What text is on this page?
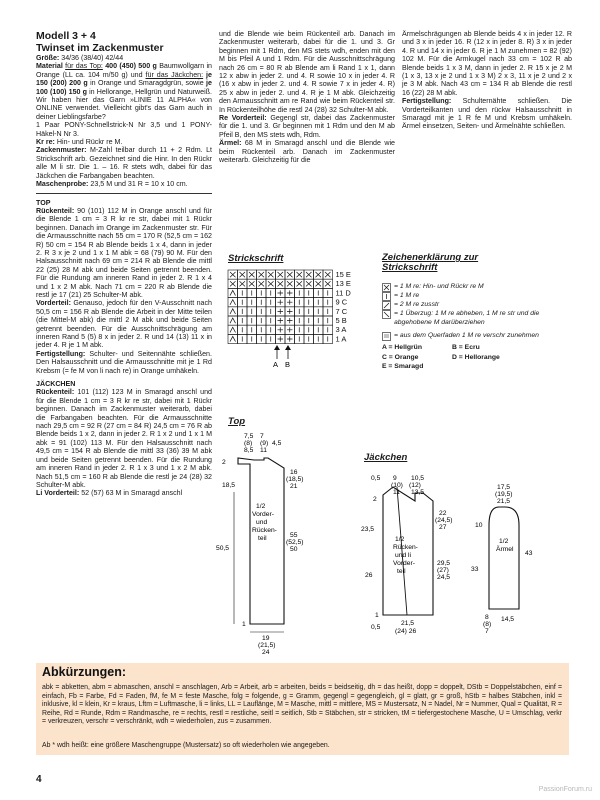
Modell 3 + 4

Twinset im Zackenmuster

Größe: 34/36 (38/40) 42/44

Material für das Top: 400 (450) 500 g Baumwollgarn in Orange (LL ca. 104 m/50 g) und für das Jäckchen: je 150 (200) 200 g in Orange und Smaragdgrün, sowie je 100 (100) 150 g in Hellorange, Hellgrün und Naturweiß. Wir haben hier das Garn »LINIE 11 ALPHA« von ONLINE verwendet. Vielleicht gibt's das Garn auch in deiner Lieblingsfarbe?

1 Paar PONY-Schnellstrick-N Nr 3,5 und 1 PONY-Häkel-N Nr 3.

Kr re: Hin- und Rückr re M.

Zackenmuster: M-Zahl teilbar durch 11 + 2 Rdm. Lt Strickschrift arb. Gezeichnet sind die Hinr. In den Rückr alle M li str. Die 1. – 16. R stets wdh, dabei für das Jäckchen die Farbangaben beachten.

Maschenprobe: 23,5 M und 31 R = 10 x 10 cm.

TOP

Rückenteil: 90 (101) 112 M in Orange anschl und für die Blende 1 cm = 3 R kr re str, dabei mit 1 Rückr beginnen. Danach im Orange im Zackenmuster str. Für die Armausschnitte nach 55 cm = 170 R (52,5 cm = 162 R) 50 cm = 154 R ab Blende beids 1 x 4, dann in jeder 2. R 3 x je 2 und 1 x 1 M abk = 68 (79) 90 M. Für den Halsausschnitt nach 69 cm = 214 R ab Blende die mittl 22 (25) 28 M abk und beide Seiten getrennt beenden. Für die Rundung am inneren Rand in jeder 2. R 1 x 4 und 1 x 2 M abk. Nach 71 cm = 220 R ab Blende die restl je 17 (21) 25 Schulter-M abk.

Vorderteil: Genauso, jedoch für den V-Ausschnitt nach 50,5 cm = 156 R ab Blende die Arbeit in der Mitte teilen (die Mittel-M abk) die mittl 2 M abk und beide Seiten getrennt beenden. Für die Ausschnittschrägung am inneren Rand 5 (5) 8 x in jeder 2. R und 14 (13) 11 x in jeder 4. R je 1 M abk.

Fertigstellung: Schulter- und Seitennähte schließen. Den Halsausschnitt und die Armausschnitte mit je 1 Rd Krebsm (= fe M von li nach re) in Orange umhäkeln.

JÄCKCHEN

Rückenteil: 101 (112) 123 M in Smaragd anschl und für die Blende 1 cm = 3 R kr re str, dabei mit 1 Rückr beginnen. Danach im Zackenmuster weiterarb, dabei die Farbangaben beachten. Für die Armausschnitte nach 29,5 cm = 92 R (27 cm = 84 R) 24,5 cm = 76 R ab Blende beids 1 x 2, dann in jeder 2. R 1 x 2 und 1 x 1 M abk = 91 (102) 113 M. Für den Halsausschnitt nach 49,5 cm = 154 R ab Blende die mittl 33 (36) 39 M abk und beide Seiten getrennt beenden. Für die Rundung am inneren Rand in jeder 2. R 1 x 3 und 1 x 2 M abk. Nach 51,5 cm = 160 R ab Blende die restl je 24 (28) 32 Schulter-M abk.

Li Vorderteil: 52 (57) 63 M in Smaragd anschl

und die Blende wie beim Rückenteil arb. Danach im Zackenmuster weiterarb, dabei für die 1. und 3. Gr beginnen mit 1 Rdm, den MS stets wdh, enden mit den M bis Pfeil A und 1 Rdm. Für die Ausschnittschrägung nach 26 cm = 80 R ab Blende am li Rand 1 x 1, dann 12 x abw in jeder 2. und 4. R sowie 10 x in jeder 4. R (16 x abw in jeder 2. und 4. R sowie 7 x in jeder 4. R) 25 x abw in jeder 2. und 4. R je 1 M abk. Gleichzeitig den Armausschnitt am re Rand wie beim Rückenteil str. In Rückenteilhöhe die restl 24 (28) 32 Schulter-M abk.

Re Vorderteil: Gegengl str, dabei das Zackenmuster für die 1. und 3. Gr beginnen mit 1 Rdm und den M ab Pfeil B, den MS stets wdh, Rdm.

Ärmel: 68 M in Smaragd anschl und die Blende wie beim Rückenteil arb. Danach im Zackenmuster weiterarb. Gleichzeitig für die

Ärmelschrägungen ab Blende beids 4 x in jeder 12. R und 3 x in jeder 16. R (12 x in jeder 8. R) 3 x in jeder 4. R und 14 x in jeder 6. R je 1 M zunehmen = 82 (92) 102 M. Für die Armkugel nach 33 cm = 102 R ab Blende beids 1 x 3 M, dann in jeder 2. R 15 x je 2 M (1 x 3, 13 x je 2 und 1 x 3 M) 2 x 3, 11 x je 2 und 2 x je 3 M abk. Nach 43 cm = 134 R ab Blende die restl 16 (22) 28 M abk.

Fertigstellung: Schulternähte schließen. Die Vorderteilkanten und den rückw Halsausschnitt in Smaragd mit je 1 R fe M und Krebsm umhäkeln. Ärmel einsetzen, Seiten- und Ärmelnähte schließen.

Strickschrift
15 E
13 E
11 D
9 C
7 C
5 B
3 A
1 A
A B
Zeichenerklärung zur Strickschrift
= 1 M re: Hin- und Rückr re M
= 1 M re
= 2 M re zusstr
= 1 Überzug: 1 M re abheben, 1 M re str und die abgehobene M darüberziehen
= aus dem Querfaden 1 M re verschr zunehmen
A = Hellgrün	B = Ecru
C = Orange	D = Hellorange
E = Smaragd
Top
7,5
(8)
8,5
7
(9)
11
4,5
2
18,5
50,5
16
(18,5)
21
55
(52,5)
50
1/2
Vorder-
und
Rücken-
teil
19
(21,5)
24
1
Jäckchen
0,5 9
(10)
11
10,5
(12)
13,5
2
23,5
26
22
(24,5)
27
29,5
(27)
24,5
1/2
Rücken-
und li
Vorder-
teil
21,5
(24) 26
0,5
1
17,5
(19,5)
21,5
10
33
43
1/2
Ärmel
8
(8)
7
14,5
Abkürzungen:
abk = abketten, abm = abmaschen, anschl = anschlagen, Arb = Arbeit, arb = arbeiten, beids = beidseitig, dh = das heißt, dopp = doppelt, DStb = Doppelstäbchen, einf = einfach, Fb = Farbe, Fd = Faden, fM, fe M = feste Masche, folg = folgende, g = Gramm, gegengl = gegengleich, gl = glatt, gr = groß, hStb = halbes Stäbchen, inkl = inklusive, kl = klein, Kr = kraus, Lftm = Luftmasche, li = links, LL = Lauflänge, M = Masche, mittl = mittlere, MS = Mustersatz, N = Nadel, Nr = Nummer, Qual = Qualität, R = Reihe, Rd = Runde, Rdm = Randmasche, re = rechts, restl = restliche, seitl = seitlich, Stb = Stäbchen, str = stricken, tM = tiefergestochene Masche, U = Umschlag, verkr = verkreuzen, verschr = verschränkt, wdh = wiederholen, zus = zusammen.
Ab * wdh heißt: eine größere Maschengruppe (Mustersatz) so oft wiederholen wie angegeben.
4
PassionForum.ru
